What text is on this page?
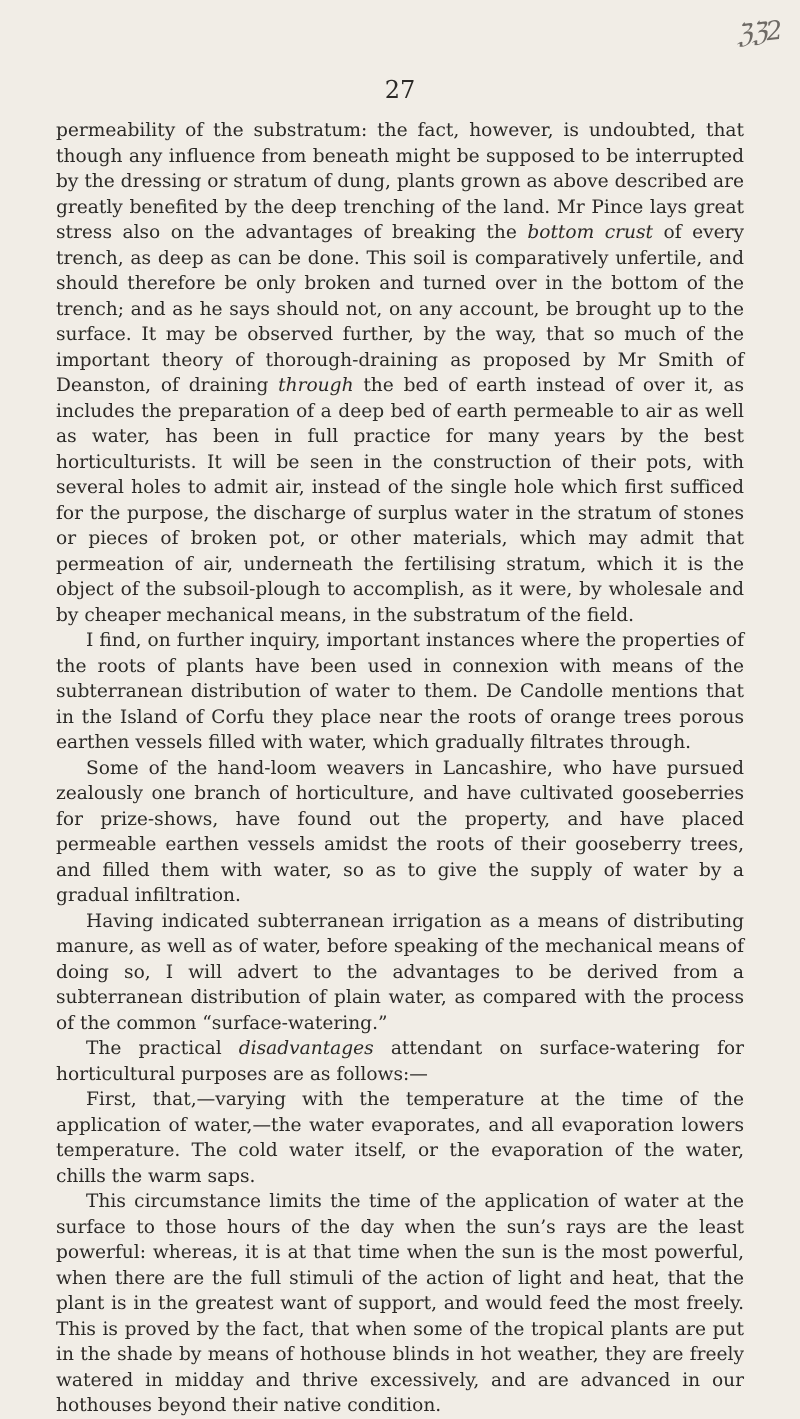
ℨℨ2
27

permeability of the substratum: the fact, however, is undoubted, that though any influence from beneath might be supposed to be interrupted by the dressing or stratum of dung, plants grown as above described are greatly benefited by the deep trenching of the land. Mr Pince lays great stress also on the advantages of breaking the bottom crust of every trench, as deep as can be done. This soil is comparatively unfertile, and should therefore be only broken and turned over in the bottom of the trench; and as he says should not, on any account, be brought up to the surface. It may be observed further, by the way, that so much of the important theory of thorough-draining as proposed by Mr Smith of Deanston, of draining through the bed of earth instead of over it, as includes the preparation of a deep bed of earth permeable to air as well as water, has been in full practice for many years by the best horticulturists. It will be seen in the construction of their pots, with several holes to admit air, instead of the single hole which first sufficed for the purpose, the discharge of surplus water in the stratum of stones or pieces of broken pot, or other materials, which may admit that permeation of air, underneath the fertilising stratum, which it is the object of the subsoil-plough to accomplish, as it were, by wholesale and by cheaper mechanical means, in the substratum of the field.

I find, on further inquiry, important instances where the properties of the roots of plants have been used in connexion with means of the subterranean distribution of water to them. De Candolle mentions that in the Island of Corfu they place near the roots of orange trees porous earthen vessels filled with water, which gradually filtrates through.

Some of the hand-loom weavers in Lancashire, who have pursued zealously one branch of horticulture, and have cultivated gooseberries for prize-shows, have found out the property, and have placed permeable earthen vessels amidst the roots of their gooseberry trees, and filled them with water, so as to give the supply of water by a gradual infiltration.

Having indicated subterranean irrigation as a means of distributing manure, as well as of water, before speaking of the mechanical means of doing so, I will advert to the advantages to be derived from a subterranean distribution of plain water, as compared with the process of the common “surface-watering.”

The practical disadvantages attendant on surface-watering for horticultural purposes are as follows:—

First, that,—varying with the temperature at the time of the application of water,—the water evaporates, and all evaporation lowers temperature. The cold water itself, or the evaporation of the water, chills the warm saps.

This circumstance limits the time of the application of water at the surface to those hours of the day when the sun’s rays are the least powerful: whereas, it is at that time when the sun is the most powerful, when there are the full stimuli of the action of light and heat, that the plant is in the greatest want of support, and would feed the most freely. This is proved by the fact, that when some of the tropical plants are put in the shade by means of hothouse blinds in hot weather, they are freely watered in midday and thrive excessively, and are advanced in our hothouses beyond their native condition.
